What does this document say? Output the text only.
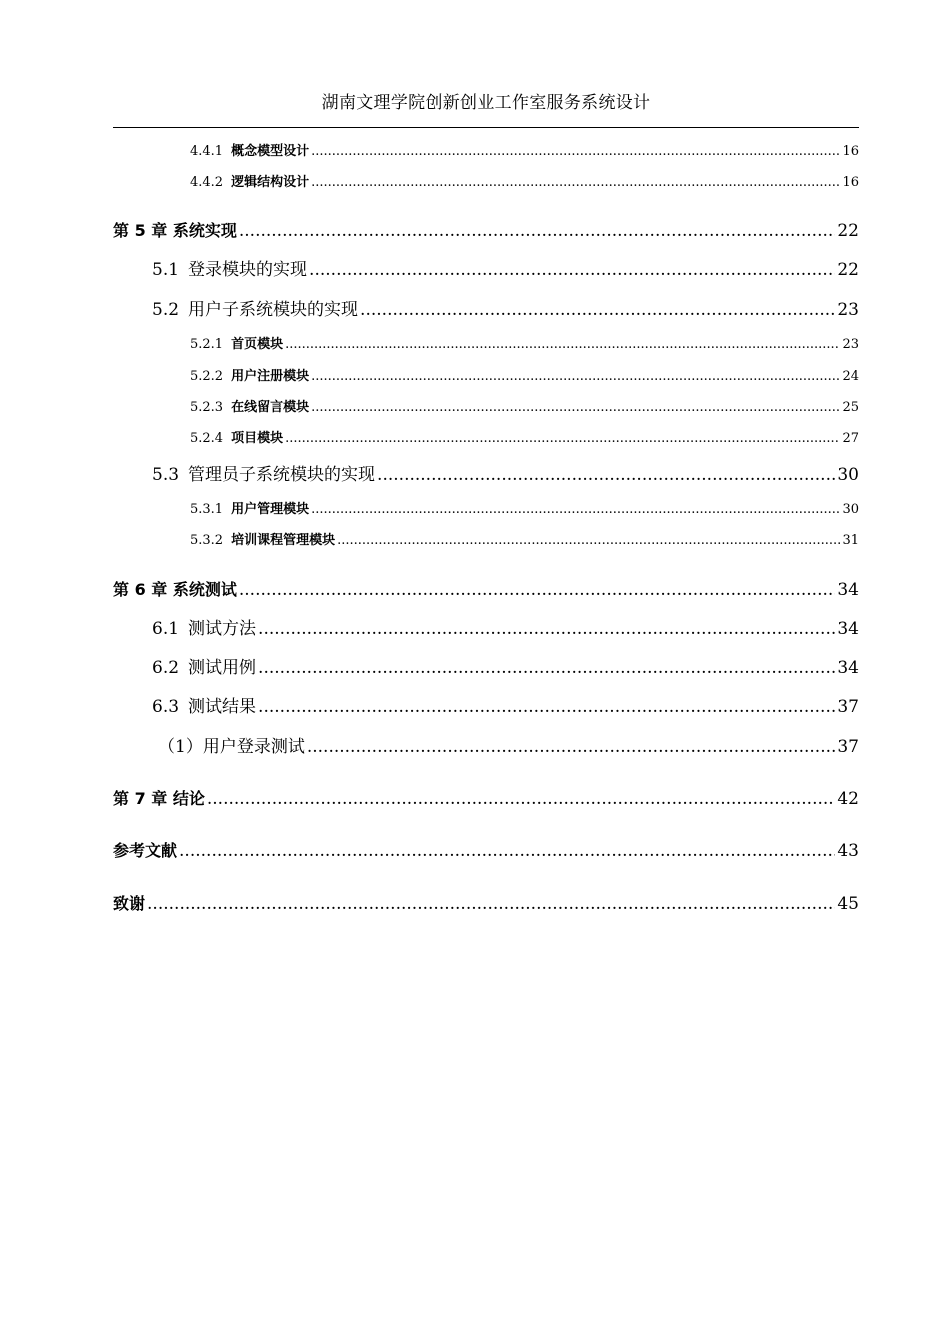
湖南文理学院创新创业工作室服务系统设计
4.4.1 概念模型设计 .....	16
4.4.2 逻辑结构设计 .....	16
第 5 章 系统实现 .....	22
5.1 登录模块的实现 .....	22
5.2 用户子系统模块的实现 .....	23
5.2.1 首页模块 .....	23
5.2.2 用户注册模块 .....	24
5.2.3 在线留言模块 .....	25
5.2.4 项目模块 .....	27
5.3 管理员子系统模块的实现 .....	30
5.3.1 用户管理模块 .....	30
5.3.2 培训课程管理模块 .....	31
第 6 章 系统测试 .....	34
6.1 测试方法 .....	34
6.2 测试用例 .....	34
6.3 测试结果 .....	37
（1）用户登录测试 .....	37
第 7 章 结论 .....	42
参考文献 .....	43
致谢 .....	45
